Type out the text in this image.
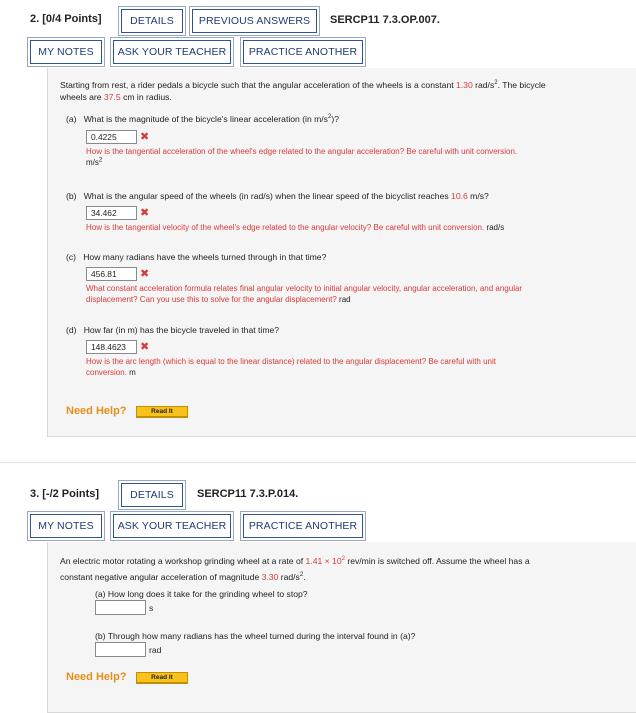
2. [0/4 Points]	DETAILS	PREVIOUS ANSWERS	SERCP11 7.3.OP.007.
MY NOTES	ASK YOUR TEACHER	PRACTICE ANOTHER
Starting from rest, a rider pedals a bicycle such that the angular acceleration of the wheels is a constant 1.30 rad/$s^2$. The bicycle
wheels are 37.5 cm in radius.
(a) What is the magnitude of the bicycle's linear acceleration (in $m/s^2$)?
0.4225	✖
How is the tangential acceleration of the wheel's edge related to the angular acceleration? Be careful with unit conversion.
$m/s^2$
(b) What is the angular speed of the wheels (in rad/s) when the linear speed of the bicyclist reaches 10.6 m/s?
34.462	✖
How is the tangential velocity of the wheel's edge related to the angular velocity? Be careful with unit conversion. rad/s
(c) How many radians have the wheels turned through in that time?
456.81	✖
What constant acceleration formula relates final angular velocity to initial angular velocity, angular acceleration, and angular
displacement? Can you use this to solve for the angular displacement? rad
(d) How far (in m) has the bicycle traveled in that time?
148.4623	✖
How is the arc length (which is equal to the linear distance) related to the angular displacement? Be careful with unit
conversion. m
Need Help?	Read It
3. [-/2 Points]	DETAILS	SERCP11 7.3.P.014.
MY NOTES	ASK YOUR TEACHER	PRACTICE ANOTHER
An electric motor rotating a workshop grinding wheel at a rate of $1.41 \times 10^2$ rev/min is switched off. Assume the wheel has a
constant negative angular acceleration of magnitude 3.30 rad/$s^2$.
(a) How long does it take for the grinding wheel to stop?
s
(b) Through how many radians has the wheel turned during the interval found in (a)?
rad
Need Help?	Read It
